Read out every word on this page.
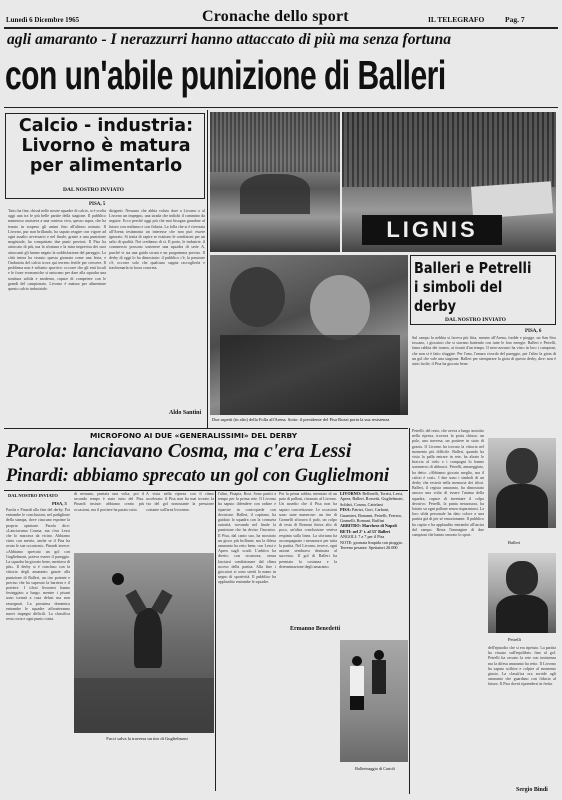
Lunedì 6 Dicembre 1965	Cronache dello sport	IL TELEGRAFO	Pag. 7
agli amaranto - I nerazzurri hanno attaccato di più ma senza fortuna
con un'abile punizione di Balleri
Calcio - industria: Livorno è matura per alimentarlo
DAL NOSTRO INVIATO
PISA, 5
Tutto ha fine, chissà nelle nostre squadre di calcio, si è svolta oggi una tra le più belle partite della stagione. Il pubblico numeroso assisteva a una contesa viva, spesso aspra, che ha tenuto in sospeso gli animi fino all'ultimo minuto. Il Livorno, pur non brillando, ha saputo reagire con vigore ad ogni assalto avversario e nel finale, grazie a una punizione magistrale, ha conquistato due punti preziosi. Il Pisa ha attaccato di più, ma la sfortuna e la mira imprecisa dei suoi attaccanti gli hanno negato la soddisfazione del pareggio. La città intera ha vissuto questa giornata come una festa, e l'industria del calcio trova qui terreno fertile per crescere. Il problema non è soltanto sportivo: occorre che gli enti locali e le forze economiche si uniscano per dare alla squadra una struttura solida e moderna, capace di competere con le grandi del campionato. Livorno è matura per alimentare questo calcio industriale.
dirigenti. Nessuno che abbia voluto dare a Livorno o al Livorno un impegno, una strada che indichi il cammino da seguire. Ecco perché oggi più che mai bisogna guardare al futuro con realismo e con fiducia. La folla che si è riversata all'Arena testimonia un interesse che non può essere ignorato. Si tratta di capire se esistono le condizioni per un salto di qualità. Noi crediamo di sì. Il porto, le industrie, il commercio possono sostenere una squadra di serie A, purché vi sia una guida sicura e un programma preciso. Il derby di oggi lo ha dimostrato: il pubblico c'è, la passione c'è, occorre solo che qualcuno sappia raccoglierla e trasformarla in forza concreta.
Aldo Santini
LIGNIS
Due aspetti (in alto) della Folla all'Arena. Sotto: il presidente del Pisa Rozzi porta la sua resistenza
Balleri e Petrelli i simboli del derby
DAL NOSTRO INVIATO
PISA, 6
Sul campo la nebbia si faceva più fitta, mentre all'Arena, fredde e piogge, un San Siro toscano, i giocatori che si stavano battendo con tutte le loro energie. Balleri e Petrelli, fama rabbia dei torneo, ai tiranti d'un tempo. Il nero-azzurro ha visto in loro i campioni, che non si è fatto sfuggire. Per l'uno, l'amaro ricordo del pareggio, per l'altro la gioia di un gol che vale una stagione. Balleri per stemperare la gioia di questo derby, dice: non è stato facile; il Pisa ha giocato bene.
MICROFONO AI DUE «GENERALISSIMI» DEL DERBY
Parola: lanciavano Cosma, ma c'era Lessi
Pinardi: abbiamo sprecato un gol con Guglielmoni
DAL NOSTRO INVIATO
PISA, 5
Parola e Pinardi alla fine del derby. Poi entrambe le conclusioni, nel padiglione della stampa, dove ciascuno esprime la propria opinione. Parola dice: «Lanciavamo Cosma, ma c'era Lessi che lo marcava da vicino. Abbiamo vinto con merito, anche se il Pisa ha avuto le sue occasioni». Pinardi invece: «Abbiamo sprecato un gol con Guglielmoni, poteva essere il pareggio. La squadra ha giocato bene, meritava di più». Il derby si è concluso con la vittoria degli amaranto grazie alla punizione di Balleri, un tiro potente e preciso che ha superato la barriera e il portiere. I tifosi livornesi hanno festeggiato a lungo, mentre i pisani sono tornati a casa delusi ma non rassegnati. La prossima domenica entrambe le squadre affronteranno nuovi impegni difficili. La classifica resta corta e ogni punto conta.
di nessuno, puntata una volta, poi il secondo tempo è stato tutto del Pisa. Pinardi insiste: abbiamo creato più occasioni, ma il portiere ha parato tutto.
A vista nella ripresa con il ritmo accelerato: il Pisa non ha mai trovato la via del gol nonostante la pressione costante sull'area livornese.
Fucci salva la traversa un tiro di Guglielmoni
l'altro, Pisapia, Rosi. Sono partiti a tempo per la prima rete. Il Livorno ha saputo difendere con ordine e ripartire in contropiede con decisione. Balleri, il capitano, ha guidato la squadra con la consueta autorità, trovando nel finale la punizione che ha deciso l'incontro. Il Pisa, dal canto suo, ha mostrato un gioco più brillante, ma la difesa amaranto ha retto bene, con Lessi e Aprea sugli scudi. L'arbitro ha diretto con sicurezza, senza lasciarsi condizionare dal clima acceso della partita. Alla fine i giocatori si sono stretti la mano in segno di sportività. Il pubblico ha applaudito entrambe le squadre.
Poi la prima rabbia, intentato di un paio di palloni, ritornato al Livorno. Un assedio che il Pisa non ha saputo concretizzare. Le occasioni sono state numerose: un tiro di Gonnelli sfiorava il palo, un colpo di testa di Romani finiva alto di poco, un'altra conclusione veniva respinta sulla linea. La sfortuna ha accompagnato i nerazzurri per tutta la partita. Nel Livorno, invece, ogni azione sembrava destinata al successo. Il gol di Balleri ha premiato la costanza e la determinazione degli amaranto.
Ermanno Benedetti
LIVORNO: Bellinelli, Torrisi, Lessi, Aprea, Balleri, Rossetti, Guglielmoni, Soldati, Cosma, Cattelani
PISA: Patrizi, Gori, Carboni, Guarnieri, Bonanni, Petrelli, Ferraro, Gonnelli, Romani, Ruffini
ARBITRO: Marchese di Napoli
RETI: nel 2° t. al 33' Balleri
ANGOLI: 7 a 7 per il Pisa
NOTE: giornata limpida con pioggia. Terreno pesante. Spettatori 26.000
Ballerinaggio di Carioli
Petrelli, del resto, che aveva a lungo insistito nella ripresa, trovava la porta chiusa: un palo, una traversa, un portiere in stato di grazia. Il Livorno ha trovato la vittoria nel momento più difficile. Balleri, quando ha visto la palla entrare in rete, ha alzato le braccia al cielo e i compagni lo hanno sommerso di abbracci. Petrelli, amareggiato, ha detto: «Abbiamo giocato meglio, ma il calcio è così». I due sono i simboli di un derby che resterà nella memoria dei tifosi. Balleri, il regista amaranto, ha dimostrato ancora una volta di essere l'anima della squadra, capace di inventare il colpo decisivo. Petrelli, la punta nerazzurra, ha lottato su ogni pallone senza risparmiarsi. La loro sfida personale ha dato colore a una partita già di per sé emozionante. Il pubblico ha capito e ha applaudito entrambi all'uscita dal campo. Resta l'immagine di due campioni che hanno onorato lo sport.
Balleri
Petrelli
dell'episodio che si era ripetuto. La partita ha vissuto sull'equilibrio fino al gol. Petrelli ha cercato la rete con insistenza ma la difesa amaranto ha retto. Il Livorno ha saputo soffrire e colpire al momento giusto. La classifica ora sorride agli amaranto che guardano con fiducia al futuro. Il Pisa dovrà riprendersi in fretta.
Sergio Bindi
